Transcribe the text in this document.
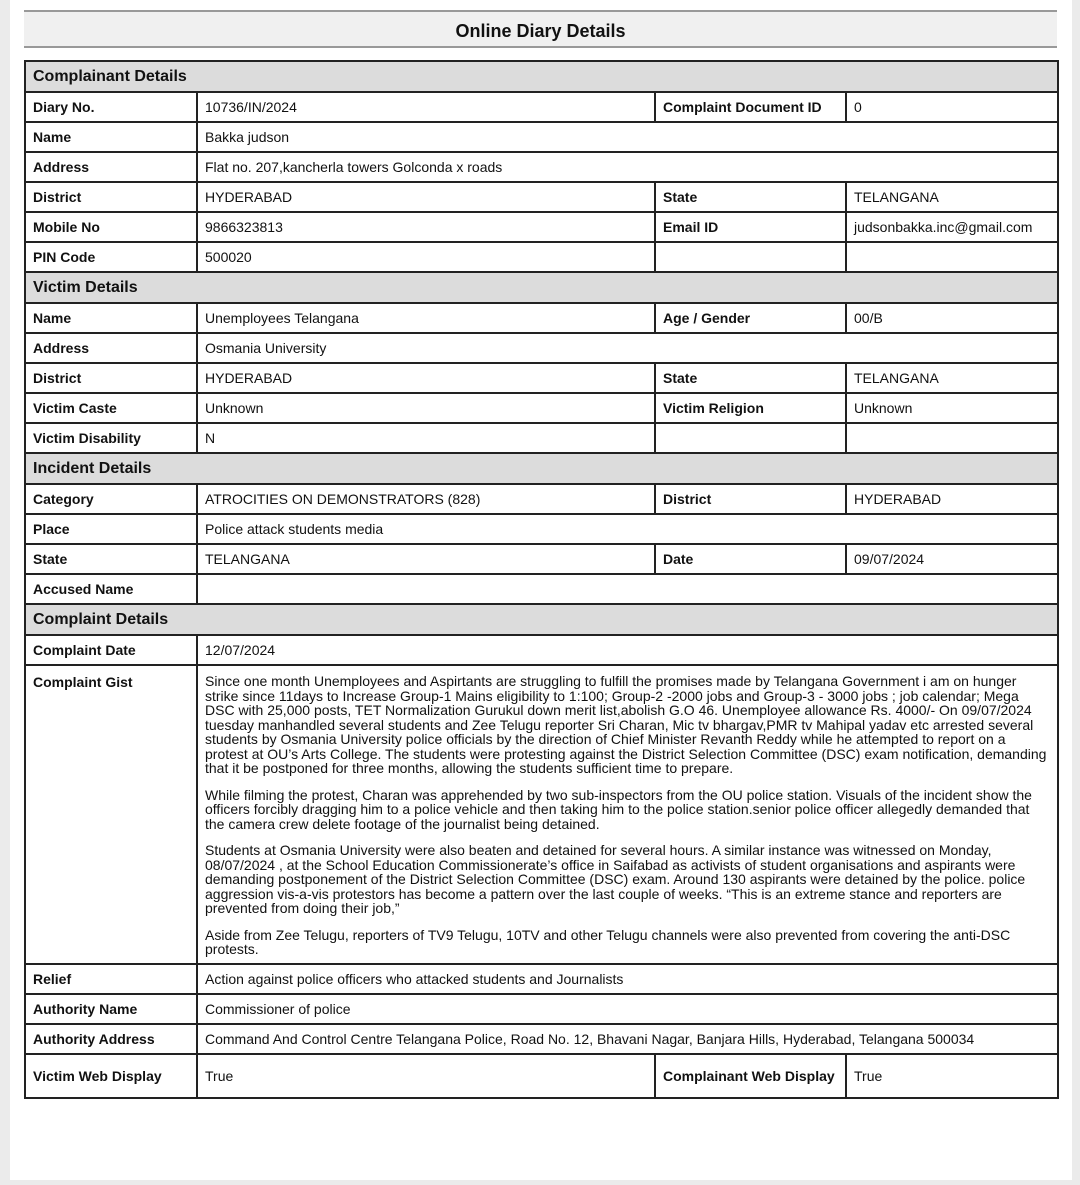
Online Diary Details
Complainant Details			
Diary No.	10736/IN/2024	Complaint Document ID	0
Name	Bakka judson		
Address	Flat no. 207,kancherla towers Golconda x roads		
District	HYDERABAD	State	TELANGANA
Mobile No	9866323813	Email ID	judsonbakka.inc@gmail.com
PIN Code	500020		
Victim Details			
Name	Unemployees Telangana	Age / Gender	00/B
Address	Osmania University		
District	HYDERABAD	State	TELANGANA
Victim Caste	Unknown	Victim Religion	Unknown
Victim Disability	N		
Incident Details			
Category	ATROCITIES ON DEMONSTRATORS (828)	District	HYDERABAD
Place	Police attack students media		
State	TELANGANA	Date	09/07/2024
Accused Name			
Complaint Details			
Complaint Date	12/07/2024		
Complaint Gist	Since one month Unemployees and Aspirtants are struggling to fulfill the promises made by Telangana Government i am on hunger strike since 11days to Increase Group-1 Mains eligibility to 1:100; Group-2 -2000 jobs and Group-3 - 3000 jobs ; job calendar; Mega DSC with 25,000 posts, TET Normalization Gurukul down merit list,abolish G.O 46. Unemployee allowance Rs. 4000/- On 09/07/2024 tuesday manhandled several students and Zee Telugu reporter Sri Charan, Mic tv bhargav,PMR tv Mahipal yadav etc arrested several students by Osmania University police officials by the direction of Chief Minister Revanth Reddy while he attempted to report on a protest at OU’s Arts College. The students were protesting against the District Selection Committee (DSC) exam notification, demanding that it be postponed for three months, allowing the students sufficient time to prepare.

While filming the protest, Charan was apprehended by two sub-inspectors from the OU police station. Visuals of the incident show the officers forcibly dragging him to a police vehicle and then taking him to the police station.senior police officer allegedly demanded that the camera crew delete footage of the journalist being detained.

Students at Osmania University were also beaten and detained for several hours. A similar instance was witnessed on Monday, 08/07/2024 , at the School Education Commissionerate’s office in Saifabad as activists of student organisations and aspirants were demanding postponement of the District Selection Committee (DSC) exam. Around 130 aspirants were detained by the police. police aggression vis-a-vis protestors has become a pattern over the last couple of weeks. “This is an extreme stance and reporters are prevented from doing their job,”

Aside from Zee Telugu, reporters of TV9 Telugu, 10TV and other Telugu channels were also prevented from covering the anti-DSC protests.		

Relief	Action against police officers who attacked students and Journalists		
Authority Name	Commissioner of police		
Authority Address	Command And Control Centre Telangana Police, Road No. 12, Bhavani Nagar, Banjara Hills, Hyderabad, Telangana 500034		
Victim Web Display	True	Complainant Web Display	True
